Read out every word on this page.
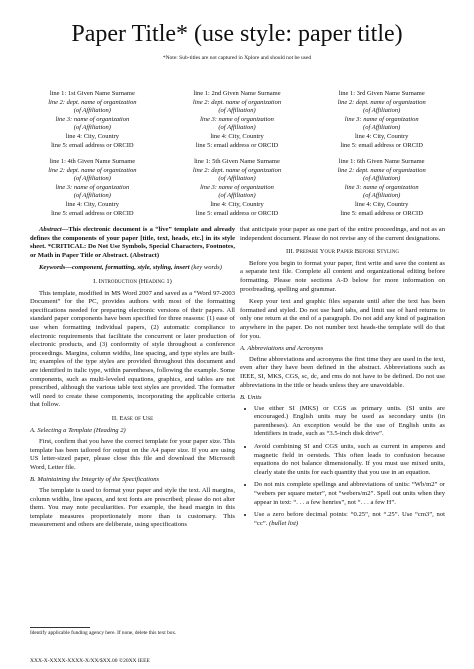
Paper Title* (use style: paper title)
*Note: Sub-titles are not captured in Xplore and should not be used
line 1: 1st Given Name Surname
line 2: dept. name of organization
(of Affiliation)
line 3: name of organization
(of Affiliation)
line 4: City, Country
line 5: email address or ORCID
line 1: 2nd Given Name Surname
line 2: dept. name of organization
(of Affiliation)
line 3: name of organization
(of Affiliation)
line 4: City, Country
line 5: email address or ORCID
line 1: 3rd Given Name Surname
line 2: dept. name of organization
(of Affiliation)
line 3: name of organization
(of Affiliation)
line 4: City, Country
line 5: email address or ORCID
line 1: 4th Given Name Surname
line 2: dept. name of organization
(of Affiliation)
line 3: name of organization
(of Affiliation)
line 4: City, Country
line 5: email address or ORCID
line 1: 5th Given Name Surname
line 2: dept. name of organization
(of Affiliation)
line 3: name of organization
(of Affiliation)
line 4: City, Country
line 5: email address or ORCID
line 1: 6th Given Name Surname
line 2: dept. name of organization
(of Affiliation)
line 3: name of organization
(of Affiliation)
line 4: City, Country
line 5: email address or ORCID

Abstract—This electronic document is a “live” template and already defines the components of your paper [title, text, heads, etc.] in its style sheet. *CRITICAL: Do Not Use Symbols, Special Characters, Footnotes, or Math in Paper Title or Abstract. (Abstract)

Keywords—component, formatting, style, styling, insert (key words)

I. Introduction (Heading 1)

This template, modified in MS Word 2007 and saved as a “Word 97-2003 Document” for the PC, provides authors with most of the formatting specifications needed for preparing electronic versions of their papers. All standard paper components have been specified for three reasons: (1) ease of use when formatting individual papers, (2) automatic compliance to electronic requirements that facilitate the concurrent or later production of electronic products, and (3) conformity of style throughout a conference proceedings. Margins, column widths, line spacing, and type styles are built-in; examples of the type styles are provided throughout this document and are identified in italic type, within parentheses, following the example. Some components, such as multi-leveled equations, graphics, and tables are not prescribed, although the various table text styles are provided. The formatter will need to create these components, incorporating the applicable criteria that follow.

II. Ease of Use
A. Selecting a Template (Heading 2)

First, confirm that you have the correct template for your paper size. This template has been tailored for output on the A4 paper size. If you are using US letter-sized paper, please close this file and download the Microsoft Word, Letter file.

B. Maintaining the Integrity of the Specifications

The template is used to format your paper and style the text. All margins, column widths, line spaces, and text fonts are prescribed; please do not alter them. You may note peculiarities. For example, the head margin in this template measures proportionately more than is customary. This measurement and others are deliberate, using specifications

that anticipate your paper as one part of the entire proceedings, and not as an independent document. Please do not revise any of the current designations.

III. Prepare Your Paper Before Styling

Before you begin to format your paper, first write and save the content as a separate text file. Complete all content and organizational editing before formatting. Please note sections A-D below for more information on proofreading, spelling and grammar.

Keep your text and graphic files separate until after the text has been formatted and styled. Do not use hard tabs, and limit use of hard returns to only one return at the end of a paragraph. Do not add any kind of pagination anywhere in the paper. Do not number text heads-the template will do that for you.

A. Abbreviations and Acronyms

Define abbreviations and acronyms the first time they are used in the text, even after they have been defined in the abstract. Abbreviations such as IEEE, SI, MKS, CGS, sc, dc, and rms do not have to be defined. Do not use abbreviations in the title or heads unless they are unavoidable.

B. Units
• Use either SI (MKS) or CGS as primary units. (SI units are encouraged.) English units may be used as secondary units (in parentheses). An exception would be the use of English units as identifiers in trade, such as “3.5-inch disk drive”.
• Avoid combining SI and CGS units, such as current in amperes and magnetic field in oersteds. This often leads to confusion because equations do not balance dimensionally. If you must use mixed units, clearly state the units for each quantity that you use in an equation.
• Do not mix complete spellings and abbreviations of units: “Wb/m2” or “webers per square meter”, not “webers/m2”. Spell out units when they appear in text: “. . . a few henries”, not “. . . a few H”.
• Use a zero before decimal points: “0.25”, not “.25”. Use “cm3”, not “cc”. (bullet list)
Identify applicable funding agency here. If none, delete this text box.
XXX-X-XXXX-XXXX-X/XX/$XX.00 ©20XX IEEE
